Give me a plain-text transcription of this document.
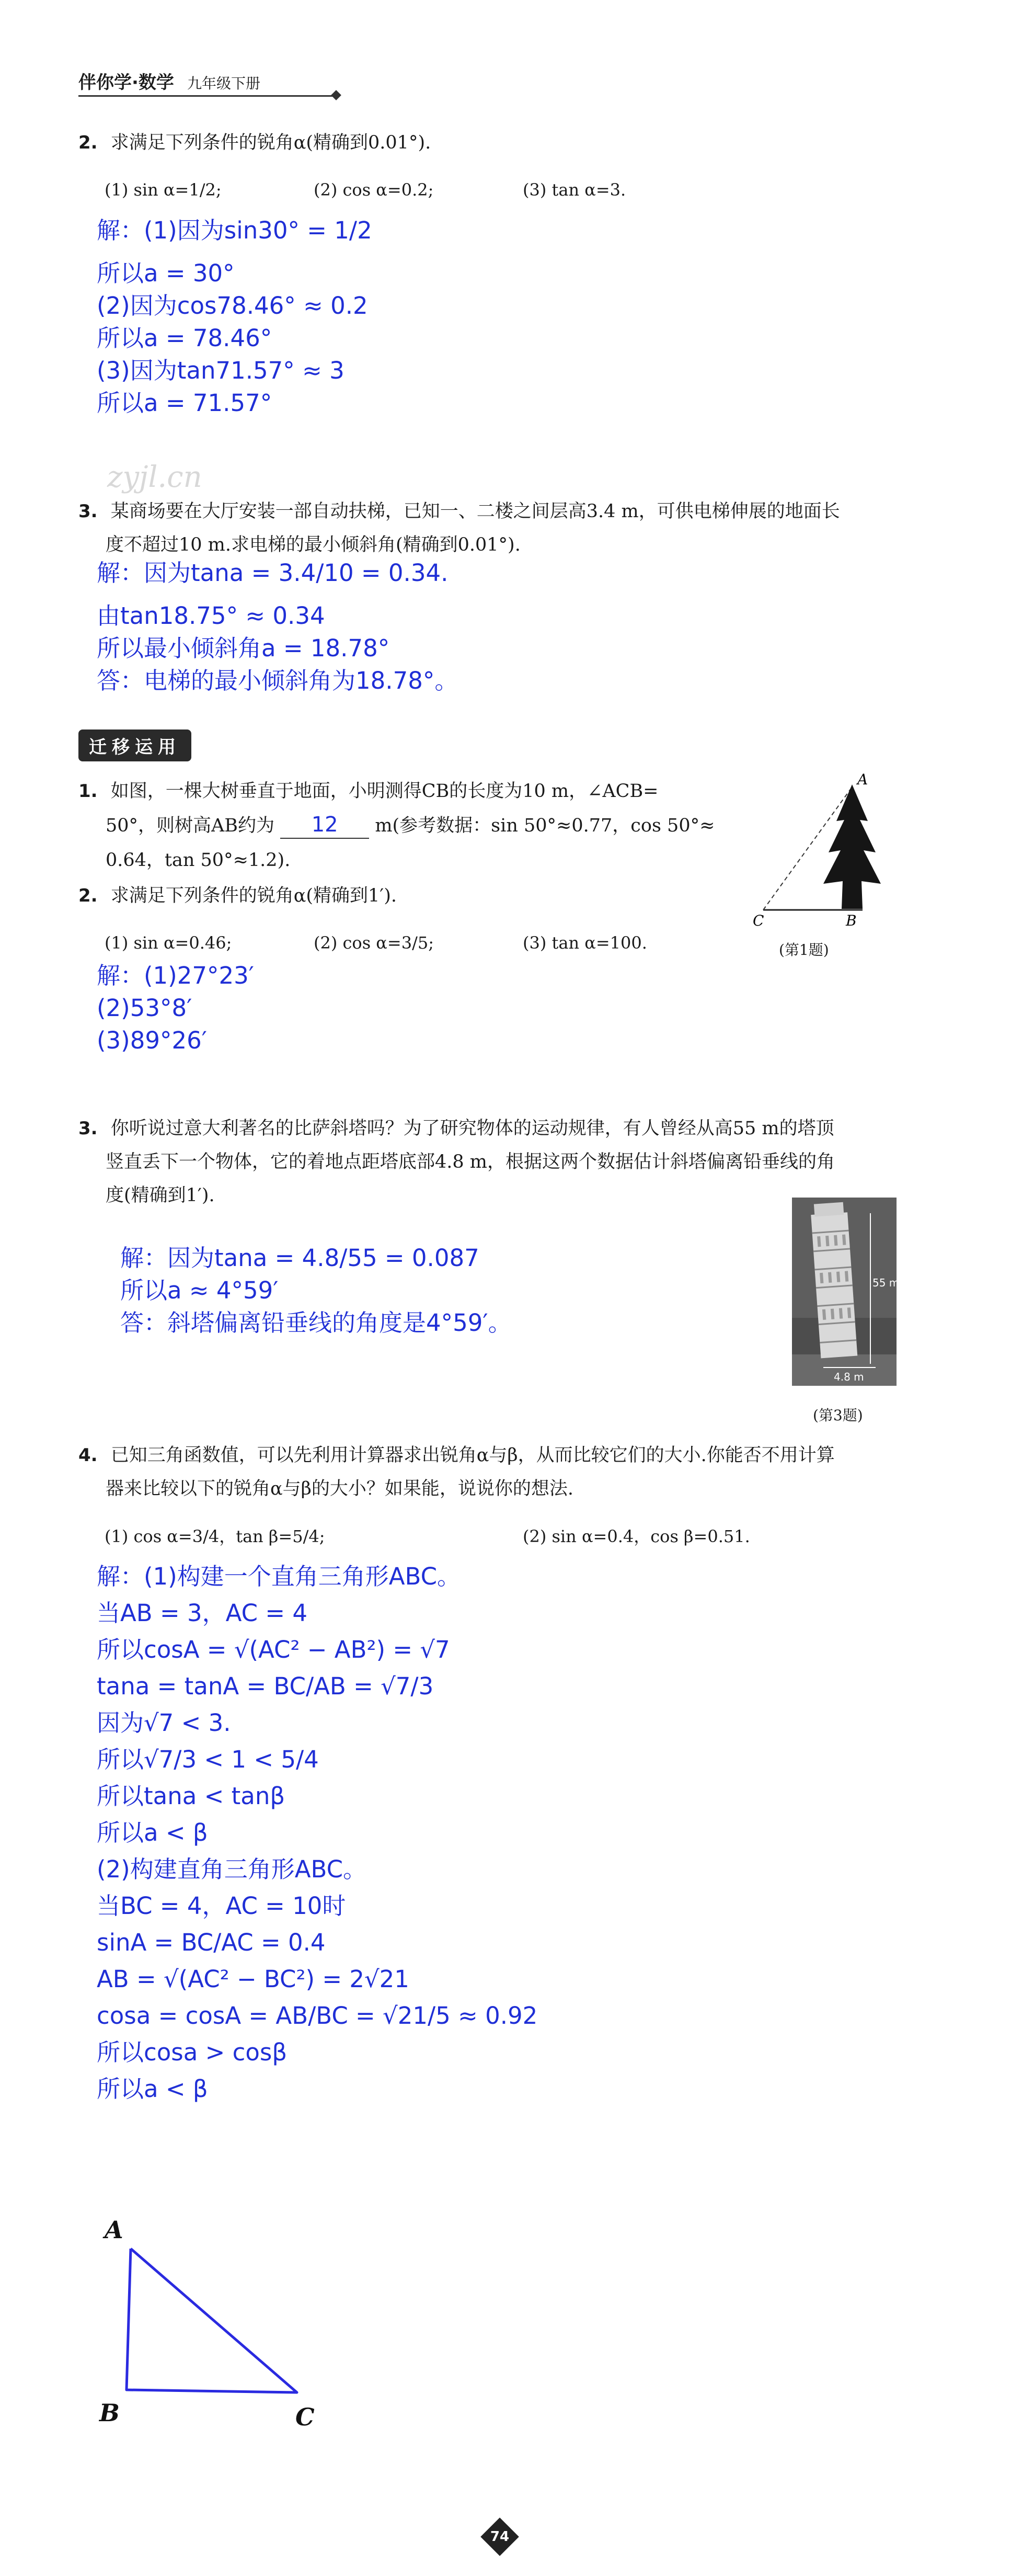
伴你学·数学 九年级下册
zyjl.cn
2. 求满足下列条件的锐角α(精确到0.01°).
(1) sin α=1/2;	(2) cos α=0.2;	(3) tan α=3.
解：(1)因为sin30° = 1/2
所以a = 30°
(2)因为cos78.46° ≈ 0.2
所以a = 78.46°
(3)因为tan71.57° ≈ 3
所以a = 71.57°
3. 某商场要在大厅安装一部自动扶梯，已知一、二楼之间层高3.4 m，可供电梯伸展的地面长
度不超过10 m.求电梯的最小倾斜角(精确到0.01°).
解：因为tana = 3.4/10 = 0.34.
由tan18.75° ≈ 0.34
所以最小倾斜角a = 18.78°
答：电梯的最小倾斜角为18.78°。
迁移运用
1. 如图，一棵大树垂直于地面，小明测得CB的长度为10 m，∠ACB=
50°，则树高AB约为 12 m(参考数据：sin 50°≈0.77，cos 50°≈
0.64，tan 50°≈1.2).
A
C	B
(第1题)
2. 求满足下列条件的锐角α(精确到1′).
(1) sin α=0.46;	(2) cos α=3/5;	(3) tan α=100.
解：(1)27°23′
(2)53°8′
(3)89°26′
3. 你听说过意大利著名的比萨斜塔吗？为了研究物体的运动规律，有人曾经从高55 m的塔顶
竖直丢下一个物体，它的着地点距塔底部4.8 m，根据这两个数据估计斜塔偏离铅垂线的角
度(精确到1′).
解：因为tana = 4.8/55 = 0.087
所以a ≈ 4°59′
答：斜塔偏离铅垂线的角度是4°59′。
55 m
4.8 m
(第3题)
4. 已知三角函数值，可以先利用计算器求出锐角α与β，从而比较它们的大小.你能否不用计算
器来比较以下的锐角α与β的大小？如果能，说说你的想法.
(1) cos α=3/4，tan β=5/4;	(2) sin α=0.4，cos β=0.51.
解：(1)构建一个直角三角形ABC。
当AB = 3，AC = 4
所以cosA = √(AC² − AB²) = √7
tana = tanA = BC/AB = √7/3
因为√7 < 3.
所以√7/3 < 1 < 5/4
所以tana < tanβ
所以a < β
(2)构建直角三角形ABC。
当BC = 4，AC = 10时
sinA = BC/AC = 0.4
AB = √(AC² − BC²) = 2√21
cosa = cosA = AB/BC = √21/5 ≈ 0.92
所以cosa > cosβ
所以a < β
A
B	C
74
